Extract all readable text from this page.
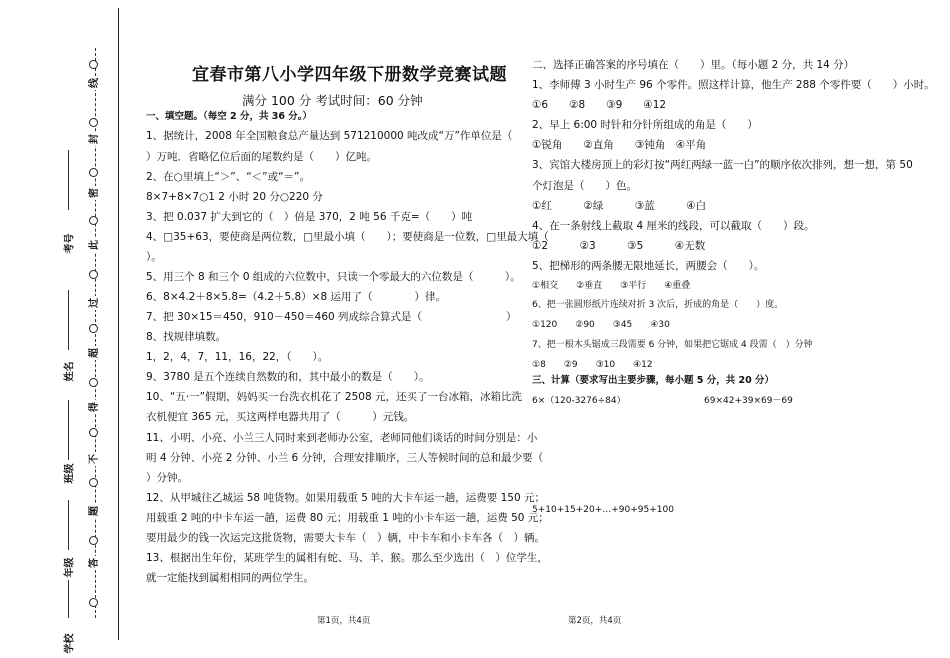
线
封
密
此
过
超
得
不
题
答
考号
姓名
班级
年级
学校
宜春市第八小学四年级下册数学竞赛试题
满分 100 分 考试时间：60 分钟
一、填空题。（每空 2 分，共 36 分。）
1、据统计，2008 年全国粮食总产量达到 571210000 吨改成“万”作单位是（
）万吨．省略亿位后面的尾数约是（　　）亿吨。
2、在○里填上“＞”、“＜”或“＝”。
8×7+8×7○1 2 小时 20 分○220 分
3、把 0.037 扩大到它的（　）倍是 370，2 吨 56 千克=（　　）吨
4、□35+63，要使商是两位数，□里最小填（　　）；要使商是一位数，□里最大填（
）。
5、用三个 8 和三个 0 组成的六位数中，只读一个零最大的六位数是（　　　）。
6、8×4.2＋8×5.8=（4.2＋5.8）×8 运用了（　　　　）律。
7、把 30×15＝450，910－450＝460 列成综合算式是（　　　　　　　　）
8、找规律填数。
1，2，4，7，11，16，22，（　　）。
9、3780 是五个连续自然数的和，其中最小的数是（　　）。
10、“五·一”假期，妈妈买一台洗衣机花了 2508 元，还买了一台冰箱，冰箱比洗
衣机便宜 365 元，买这两样电器共用了（　　　）元钱。
11、小明、小亮、小兰三人同时来到老师办公室，老师同他们谈话的时间分别是：小
明 4 分钟、小亮 2 分钟、小兰 6 分钟，合理安排顺序，三人等候时间的总和最少要（
）分钟。
12、从甲城往乙城运 58 吨货物。如果用载重 5 吨的大卡车运一趟，运费要 150 元；
用载重 2 吨的中卡车运一趟，运费 80 元；用载重 1 吨的小卡车运一趟，运费 50 元；
要用最少的钱一次运完这批货物，需要大卡车（　）辆，中卡车和小卡车各（　）辆。
13、根据出生年份，某班学生的属相有蛇、马、羊、猴。那么至少选出（　）位学生，
就一定能找到属相相同的两位学生。
第1页，共4页
二、选择正确答案的序号填在（　　）里。（每小题 2 分，共 14 分）
1、李师傅 3 小时生产 96 个零件。照这样计算，他生产 288 个零件要（　　）小时。
①6　　②8　　③9　　④12
2、早上 6:00 时针和分针所组成的角是（　　）
①锐角　　②直角　　③钝角　④平角
3、宾馆大楼房顶上的彩灯按“两红两绿一蓝一白”的顺序依次排列，想一想，第 50
个灯泡是（　　）色。
①红　　　②绿　　　③蓝　　　④白
4、在一条射线上截取 4 厘米的线段，可以截取（　　）段。
①2　　　②3　　　③5　　　④无数
5、把梯形的两条腰无限地延长，两腰会（　　）。
①相交　　②垂直　　③平行　　④重叠
6、把一张圆形纸片连续对折 3 次后，折成的角是（　　）度。
①120　　②90　　③45　　④30
7、把一根木头锯成三段需要 6 分钟，如果把它锯成 4 段需（　）分钟
①8　　②9　　③10　　④12
三、计算（要求写出主要步骤，每小题 5 分，共 20 分）
6×（120-3276÷84）	69×42+39×69－69
5+10+15+20+…+90+95+100
第2页，共4页
